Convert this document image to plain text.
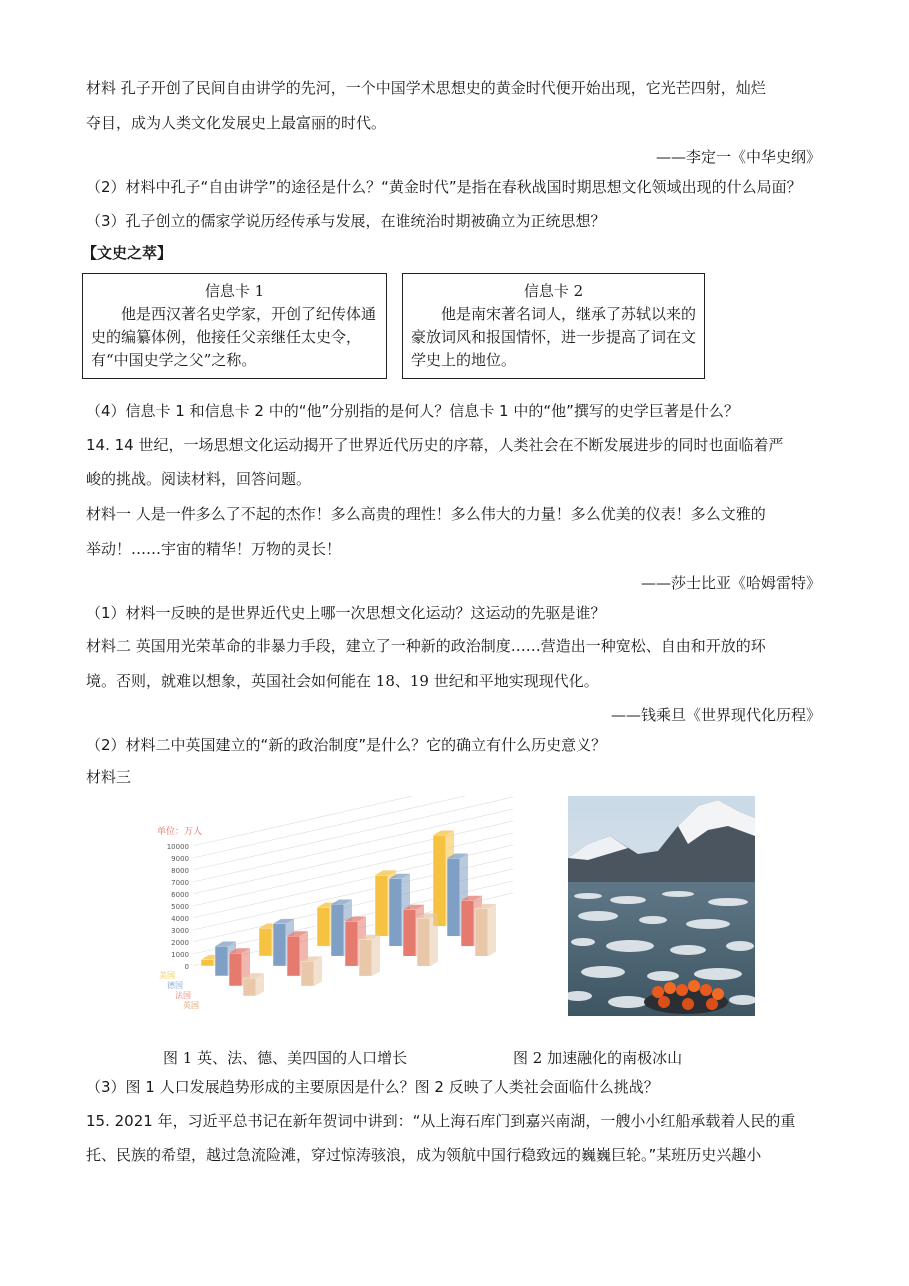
材料 孔子开创了民间自由讲学的先河，一个中国学术思想史的黄金时代便开始出现，它光芒四射，灿烂
夺目，成为人类文化发展史上最富丽的时代。
——李定一《中华史纲》
（2）材料中孔子“自由讲学”的途径是什么？“黄金时代”是指在春秋战国时期思想文化领域出现的什么局面？
（3）孔子创立的儒家学说历经传承与发展，在谁统治时期被确立为正统思想？
【文史之萃】
信息卡 1
他是西汉著名史学家，开创了纪传体通史的编纂体例，他接任父亲继任太史令，有“中国史学之父”之称。
信息卡 2
他是南宋著名词人，继承了苏轼以来的豪放词风和报国情怀，进一步提高了词在文学史上的地位。
（4）信息卡 1 和信息卡 2 中的“他”分别指的是何人？信息卡 1 中的“他”撰写的史学巨著是什么？
14. 14 世纪，一场思想文化运动揭开了世界近代历史的序幕，人类社会在不断发展进步的同时也面临着严
峻的挑战。阅读材料，回答问题。
材料一 人是一件多么了不起的杰作！多么高贵的理性！多么伟大的力量！多么优美的仪表！多么文雅的
举动！……宇宙的精华！万物的灵长！
——莎士比亚《哈姆雷特》
（1）材料一反映的是世界近代史上哪一次思想文化运动？这运动的先驱是谁？
材料二 英国用光荣革命的非暴力手段，建立了一种新的政治制度……营造出一种宽松、自由和开放的环
境。否则，就难以想象，英国社会如何能在 18、19 世纪和平地实现现代化。
——钱乘旦《世界现代化历程》
（2）材料二中英国建立的“新的政治制度”是什么？它的确立有什么历史意义？
材料三
单位：万人
0
1000
2000
3000
4000
5000
6000
7000
8000
9000
10000
美国
德国
法国
英国
图 1 英、法、德、美四国的人口增长	图 2 加速融化的南极冰山
（3）图 1 人口发展趋势形成的主要原因是什么？图 2 反映了人类社会面临什么挑战？
15. 2021 年，习近平总书记在新年贺词中讲到：“从上海石库门到嘉兴南湖，一艘小小红船承载着人民的重
托、民族的希望，越过急流险滩，穿过惊涛骇浪，成为领航中国行稳致远的巍巍巨轮。”某班历史兴趣小
